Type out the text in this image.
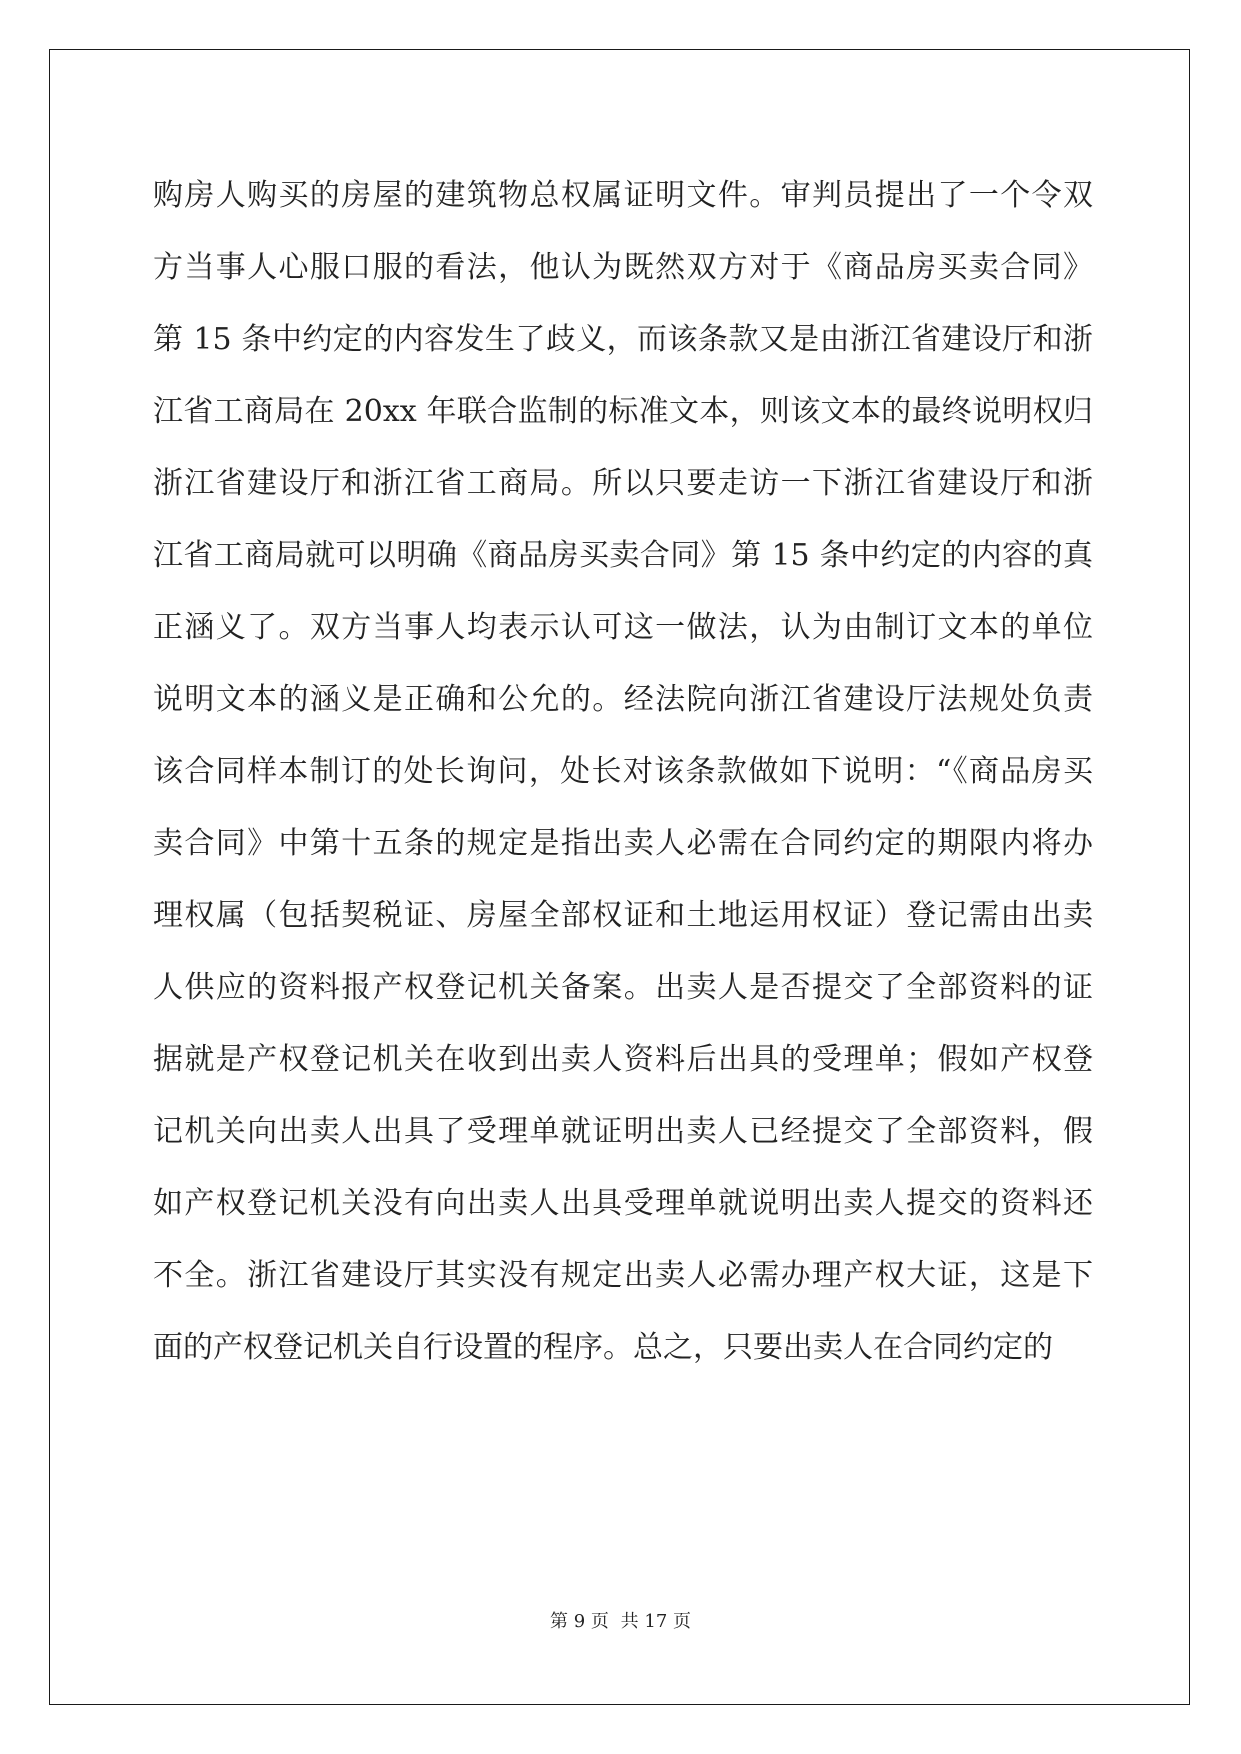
购房人购买的房屋的建筑物总权属证明文件。审判员提出了一个令双
方当事人心服口服的看法，他认为既然双方对于《商品房买卖合同》
第 15 条中约定的内容发生了歧义，而该条款又是由浙江省建设厅和浙
江省工商局在 20xx 年联合监制的标准文本，则该文本的最终说明权归
浙江省建设厅和浙江省工商局。所以只要走访一下浙江省建设厅和浙
江省工商局就可以明确《商品房买卖合同》第 15 条中约定的内容的真
正涵义了。双方当事人均表示认可这一做法，认为由制订文本的单位
说明文本的涵义是正确和公允的。经法院向浙江省建设厅法规处负责
该合同样本制订的处长询问，处长对该条款做如下说明：“《商品房买
卖合同》中第十五条的规定是指出卖人必需在合同约定的期限内将办
理权属（包括契税证、房屋全部权证和土地运用权证）登记需由出卖
人供应的资料报产权登记机关备案。出卖人是否提交了全部资料的证
据就是产权登记机关在收到出卖人资料后出具的受理单；假如产权登
记机关向出卖人出具了受理单就证明出卖人已经提交了全部资料，假
如产权登记机关没有向出卖人出具受理单就说明出卖人提交的资料还
不全。浙江省建设厅其实没有规定出卖人必需办理产权大证，这是下
面的产权登记机关自行设置的程序。总之，只要出卖人在合同约定的
第 9 页 共 17 页
